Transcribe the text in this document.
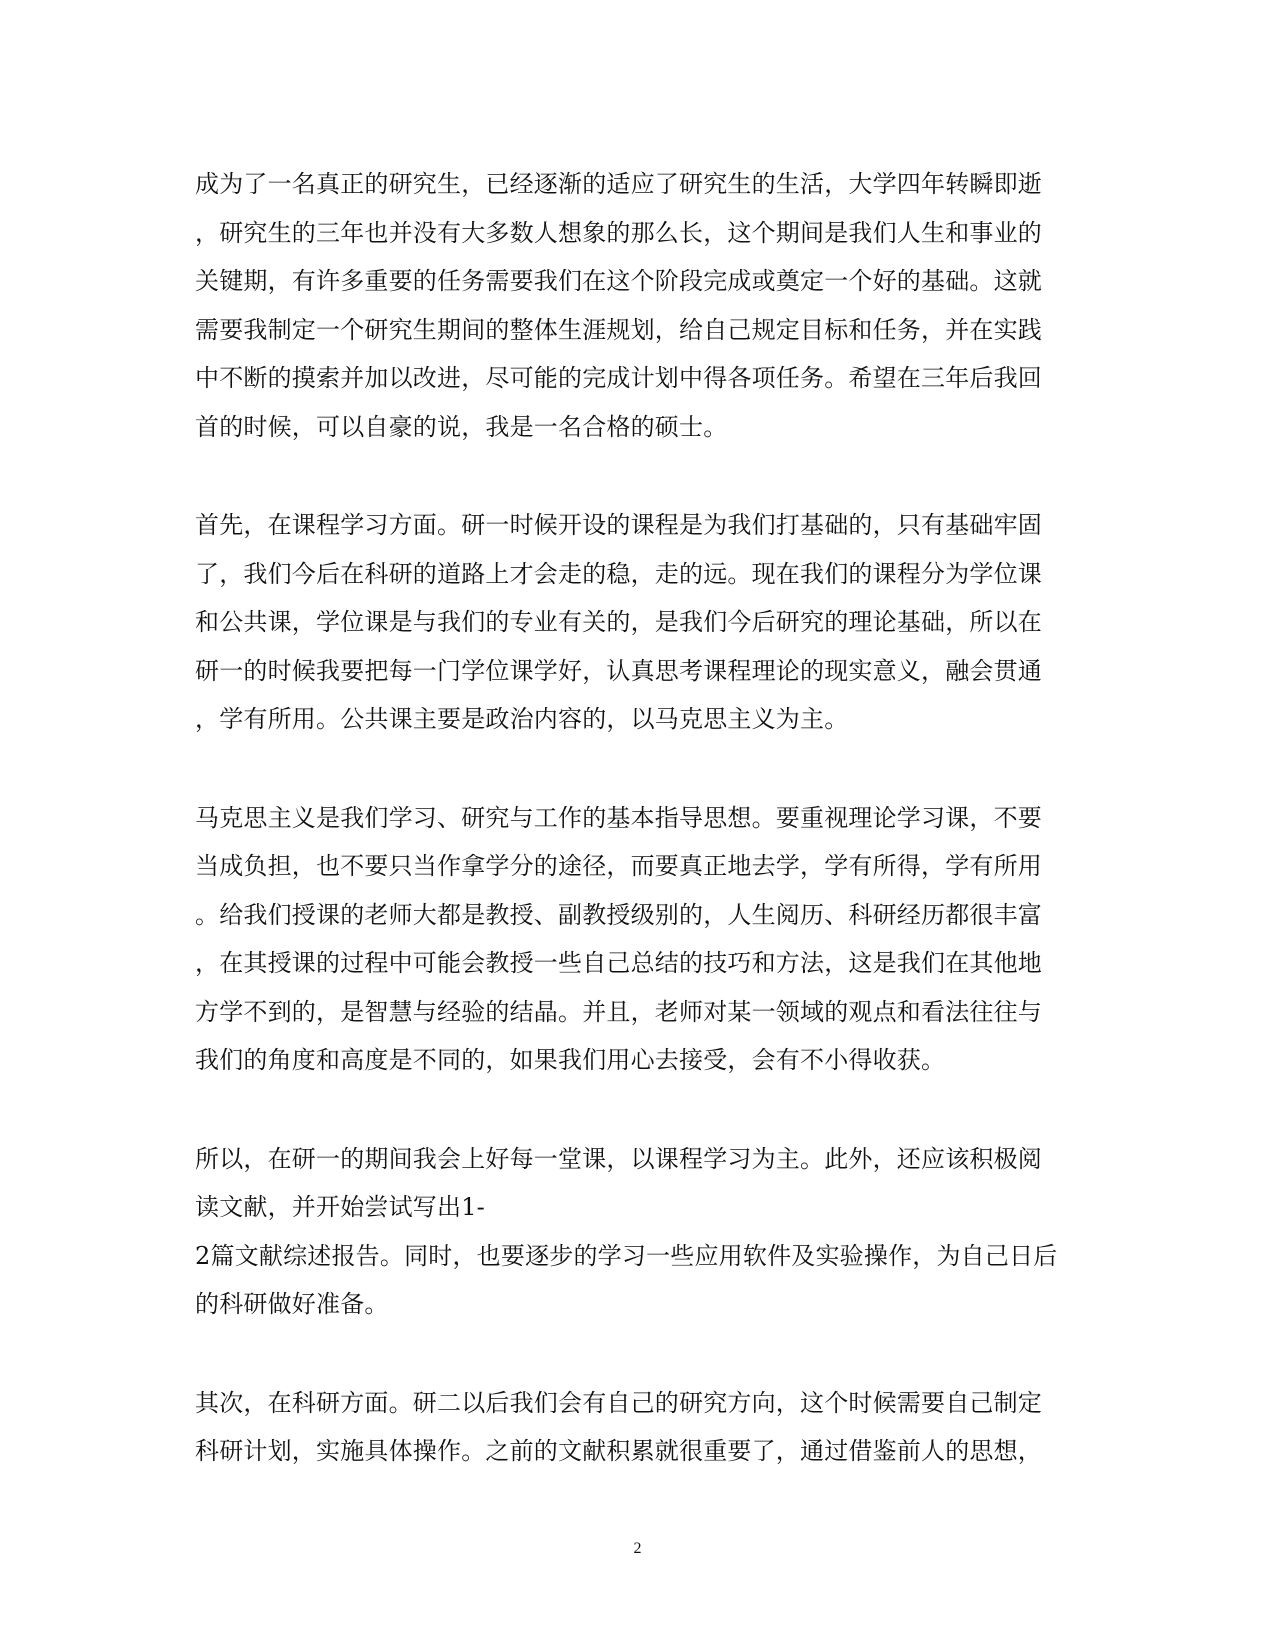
成为了一名真正的研究生，已经逐渐的适应了研究生的生活，大学四年转瞬即逝
，研究生的三年也并没有大多数人想象的那么长，这个期间是我们人生和事业的
关键期，有许多重要的任务需要我们在这个阶段完成或奠定一个好的基础。这就
需要我制定一个研究生期间的整体生涯规划，给自己规定目标和任务，并在实践
中不断的摸索并加以改进，尽可能的完成计划中得各项任务。希望在三年后我回
首的时候，可以自豪的说，我是一名合格的硕士。

首先，在课程学习方面。研一时候开设的课程是为我们打基础的，只有基础牢固
了，我们今后在科研的道路上才会走的稳，走的远。现在我们的课程分为学位课
和公共课，学位课是与我们的专业有关的，是我们今后研究的理论基础，所以在
研一的时候我要把每一门学位课学好，认真思考课程理论的现实意义，融会贯通
，学有所用。公共课主要是政治内容的，以马克思主义为主。

马克思主义是我们学习、研究与工作的基本指导思想。要重视理论学习课，不要
当成负担，也不要只当作拿学分的途径，而要真正地去学，学有所得，学有所用
。给我们授课的老师大都是教授、副教授级别的，人生阅历、科研经历都很丰富
，在其授课的过程中可能会教授一些自己总结的技巧和方法，这是我们在其他地
方学不到的，是智慧与经验的结晶。并且，老师对某一领域的观点和看法往往与
我们的角度和高度是不同的，如果我们用心去接受，会有不小得收获。

所以，在研一的期间我会上好每一堂课，以课程学习为主。此外，还应该积极阅
读文献，并开始尝试写出1-
2篇文献综述报告。同时，也要逐步的学习一些应用软件及实验操作，为自己日后
的科研做好准备。

其次，在科研方面。研二以后我们会有自己的研究方向，这个时候需要自己制定
科研计划，实施具体操作。之前的文献积累就很重要了，通过借鉴前人的思想，

2
